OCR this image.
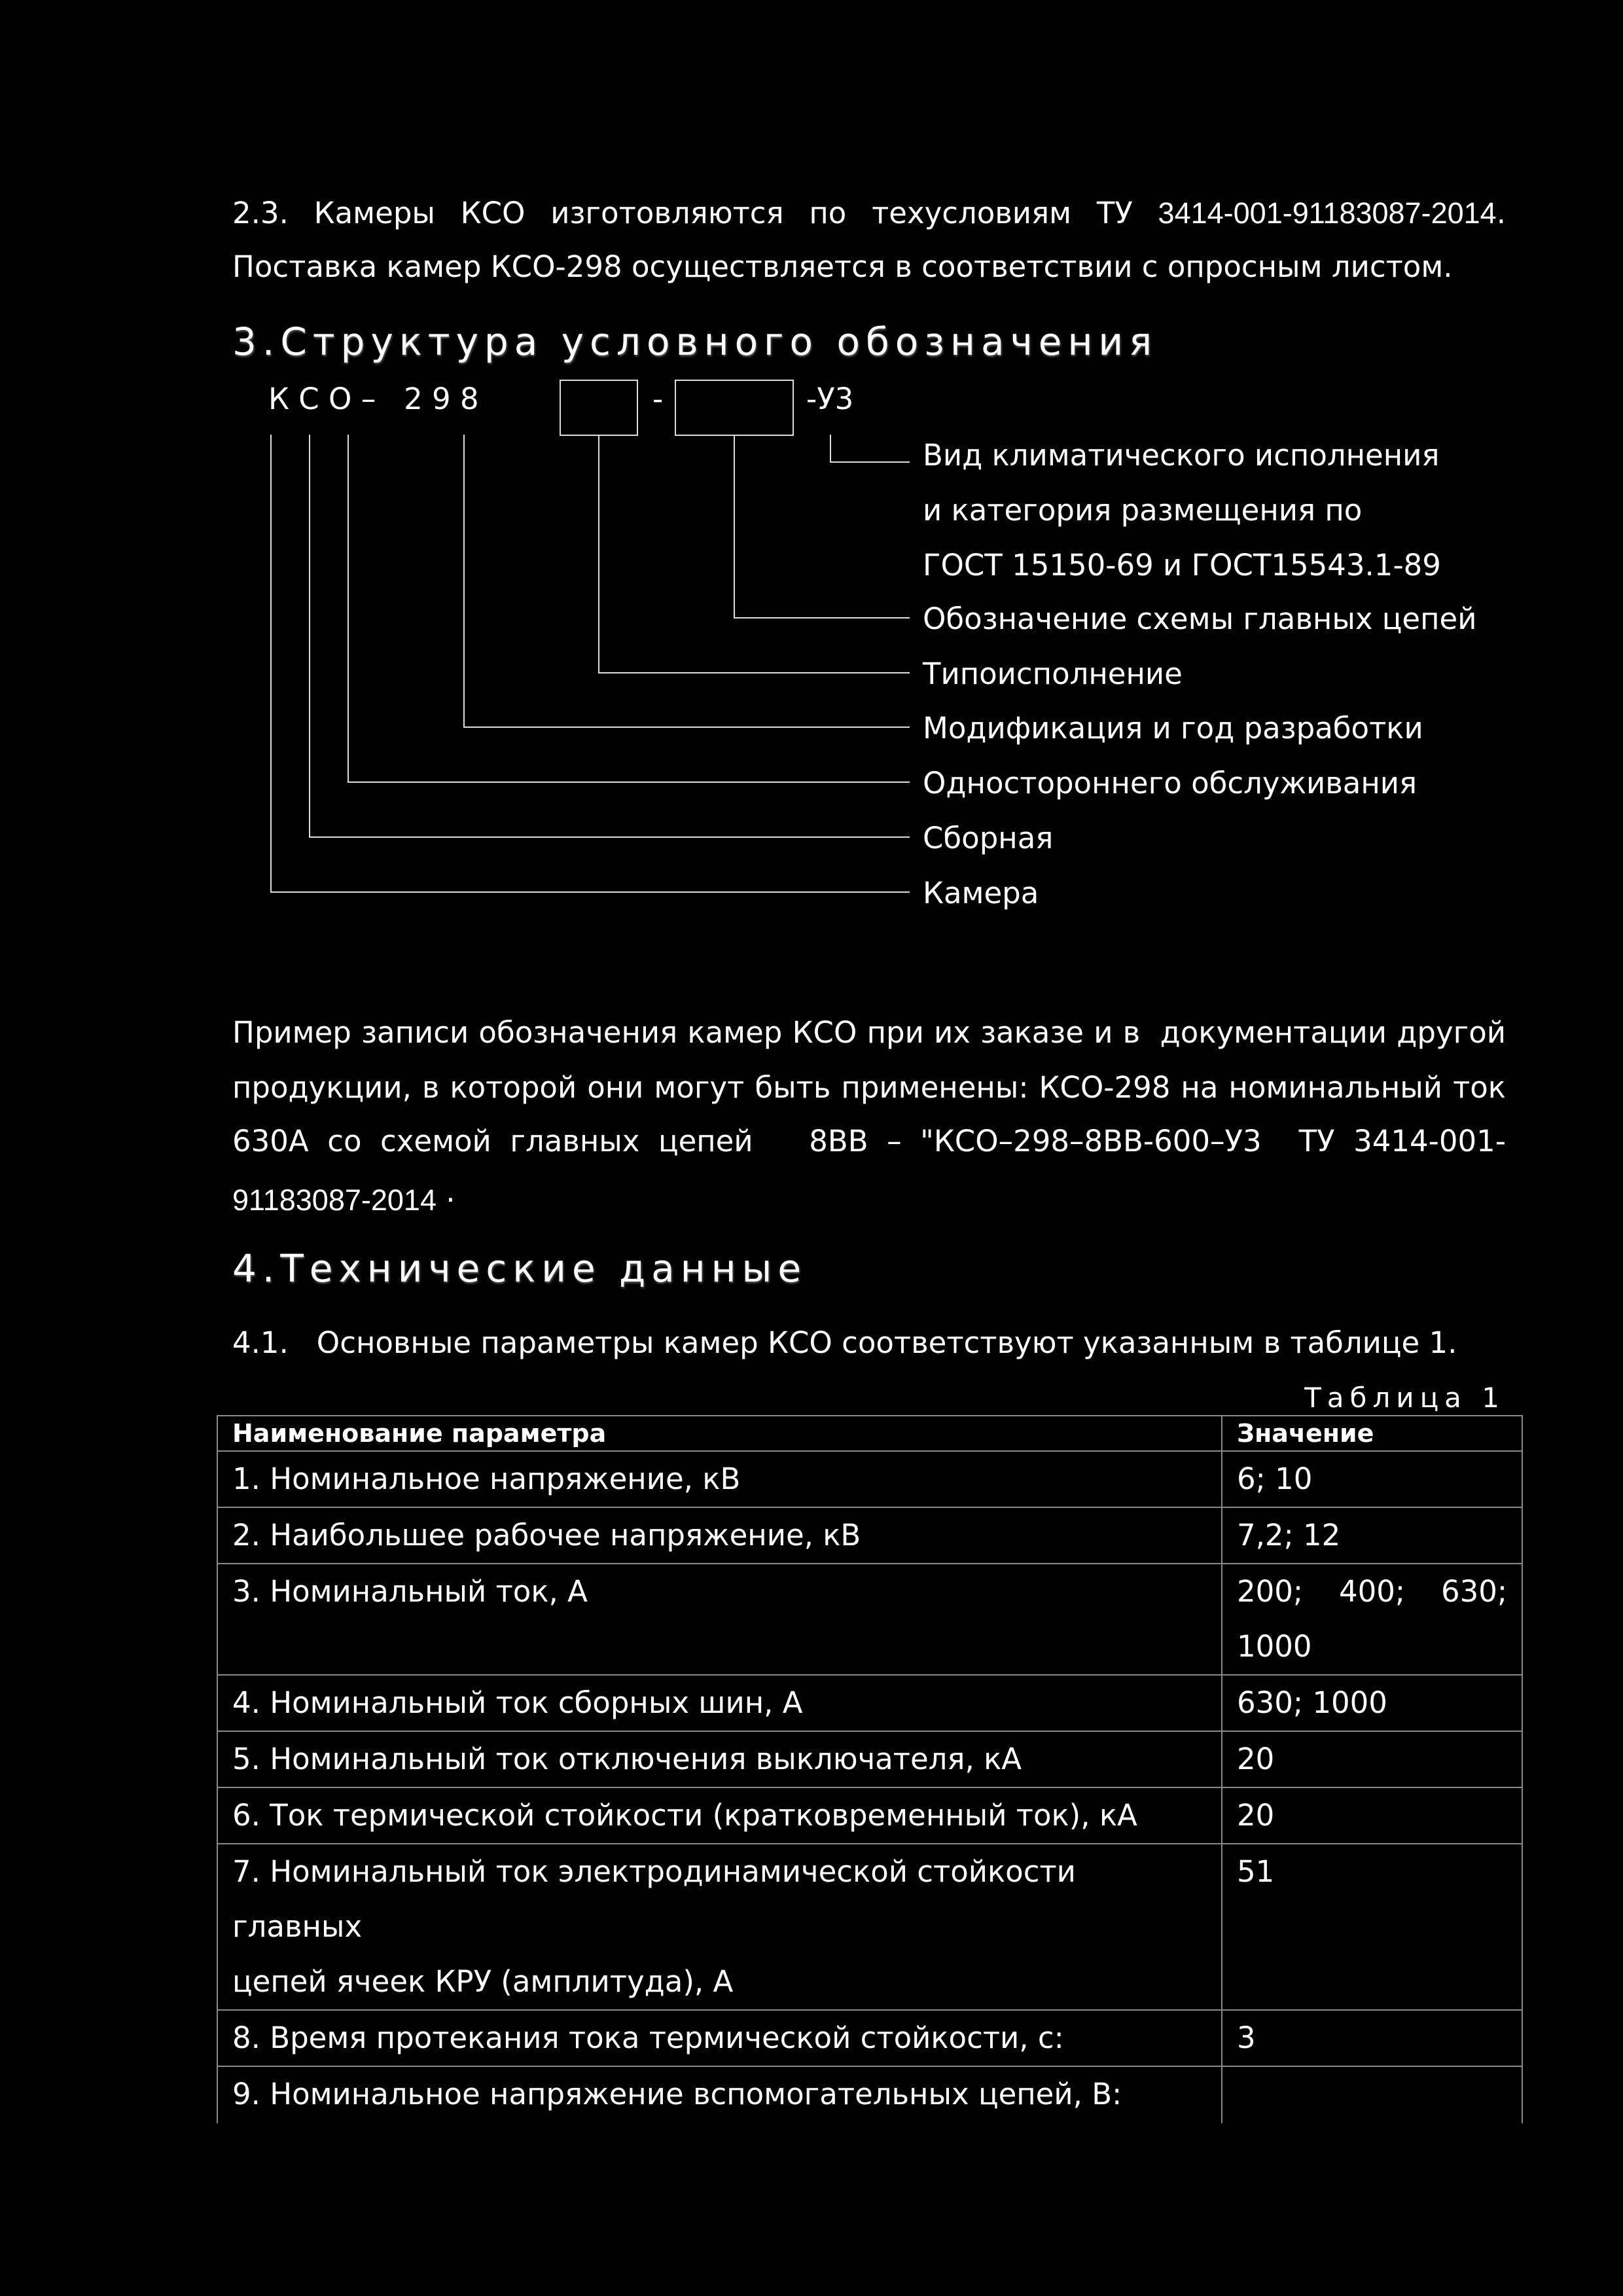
2.3. Камеры КСО изготовляются по техусловиям ТУ 3414-001-91183087-2014.
Поставка камер КСО-298 осуществляется в соответствии с опросным листом.
3.Структура условного обозначения
К С О –   2 9 8	-	-У3
Вид климатического исполнения
и категория размещения по
ГОСТ 15150-69 и ГОСТ15543.1-89
Обозначение схемы главных цепей
Типоисполнение
Модификация и год разработки
Одностороннего обслуживания
Сборная
Камера
Пример записи обозначения камер КСО при их заказе и в  документации другой
продукции, в которой они могут быть применены: КСО-298 на номинальный ток
630А со схемой главных цепей   8ВВ – "КСО–298–8ВВ-600–У3  ТУ 3414-001-
91183087-2014 ·
4.Технические данные
4.1.   Основные параметры камер КСО соответствуют указанным в таблице 1.
Таблица 1
Наименование параметра	Значение
1. Номинальное напряжение, кВ	6; 10
2. Наибольшее рабочее напряжение, кВ	7,2; 12
3. Номинальный ток, А	200;   400;   630;
1000

4. Номинальный ток сборных шин, А	630; 1000
5. Номинальный ток отключения выключателя, кА	20
6. Ток термической стойкости (кратковременный ток), кА	20

7. Номинальный ток электродинамической стойкости главных
цепей ячеек КРУ (амплитуда), А	51
8. Время протекания тока термической стойкости, с:	3
9. Номинальное напряжение вспомогательных цепей, В:	
